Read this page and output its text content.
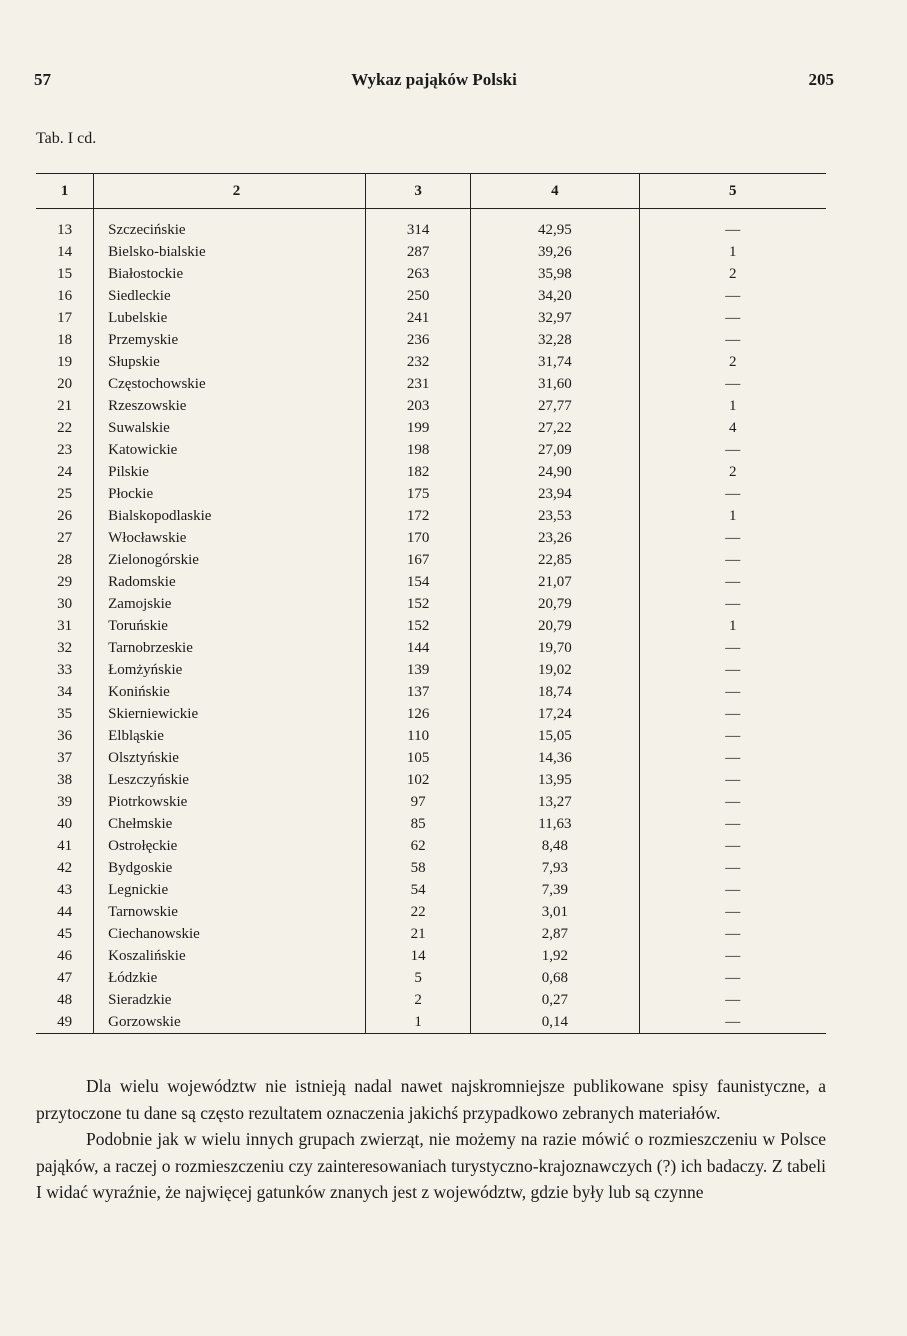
57	Wykaz pająków Polski	205
Tab. I cd.
1	2	3	4	5
13	Szczecińskie	314	42,95	—
14	Bielsko-bialskie	287	39,26	1
15	Białostockie	263	35,98	2
16	Siedleckie	250	34,20	—
17	Lubelskie	241	32,97	—
18	Przemyskie	236	32,28	—
19	Słupskie	232	31,74	2
20	Częstochowskie	231	31,60	—
21	Rzeszowskie	203	27,77	1
22	Suwalskie	199	27,22	4
23	Katowickie	198	27,09	—
24	Pilskie	182	24,90	2
25	Płockie	175	23,94	—
26	Bialskopodlaskie	172	23,53	1
27	Włocławskie	170	23,26	—
28	Zielonogórskie	167	22,85	—
29	Radomskie	154	21,07	—
30	Zamojskie	152	20,79	—
31	Toruńskie	152	20,79	1
32	Tarnobrzeskie	144	19,70	—
33	Łomżyńskie	139	19,02	—
34	Konińskie	137	18,74	—
35	Skierniewickie	126	17,24	—
36	Elbląskie	110	15,05	—
37	Olsztyńskie	105	14,36	—
38	Leszczyńskie	102	13,95	—
39	Piotrkowskie	97	13,27	—
40	Chełmskie	85	11,63	—
41	Ostrołęckie	62	8,48	—
42	Bydgoskie	58	7,93	—
43	Legnickie	54	7,39	—
44	Tarnowskie	22	3,01	—
45	Ciechanowskie	21	2,87	—
46	Koszalińskie	14	1,92	—
47	Łódzkie	5	0,68	—
48	Sieradzkie	2	0,27	—
49	Gorzowskie	1	0,14	—

Dla wielu województw nie istnieją nadal nawet najskromniejsze publikowane spisy faunistyczne, a przytoczone tu dane są często rezultatem oznaczenia jakichś przypadkowo zebranych materiałów.

Podobnie jak w wielu innych grupach zwierząt, nie możemy na razie mówić o rozmieszczeniu w Polsce pająków, a raczej o rozmieszczeniu czy zainteresowaniach turystyczno-krajoznawczych (?) ich badaczy. Z tabeli I widać wyraźnie, że najwięcej gatunków znanych jest z województw, gdzie były lub są czynne
